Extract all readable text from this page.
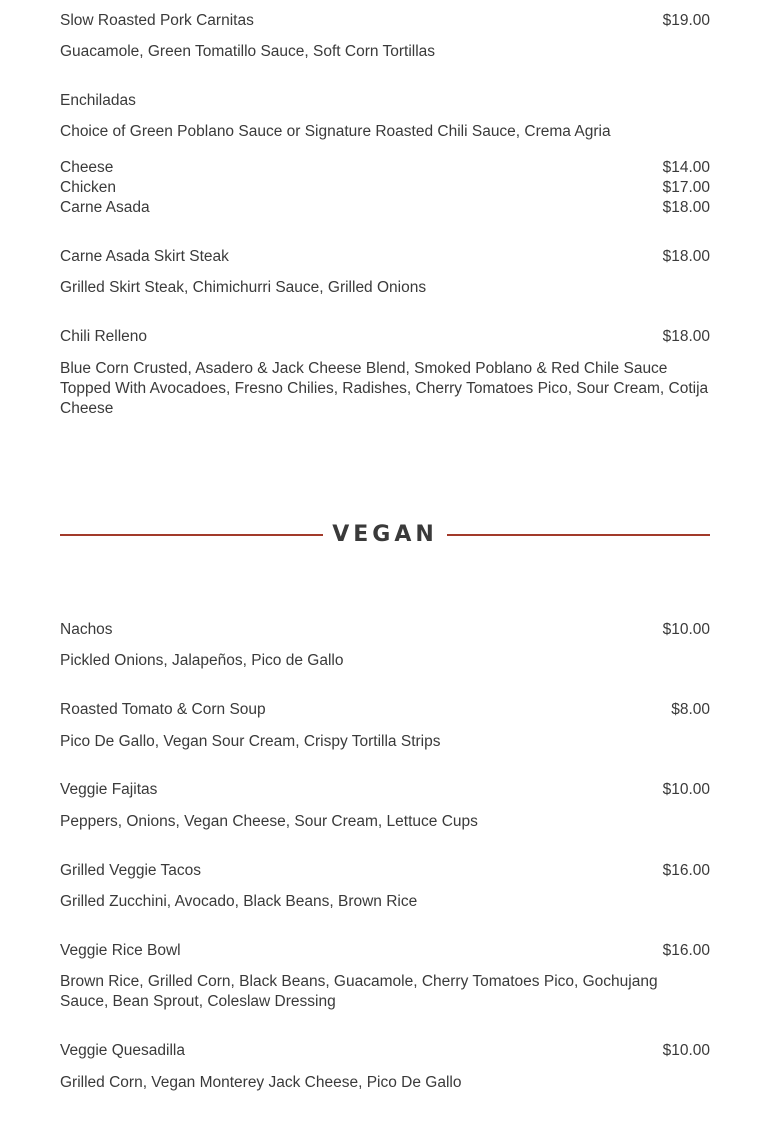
Slow Roasted Pork Carnitas	$19.00
Guacamole, Green Tomatillo Sauce, Soft Corn Tortillas
Enchiladas
Choice of Green Poblano Sauce or Signature Roasted Chili Sauce, Crema Agria
Cheese	$14.00
Chicken	$17.00
Carne Asada	$18.00
Carne Asada Skirt Steak	$18.00
Grilled Skirt Steak, Chimichurri Sauce, Grilled Onions
Chili Relleno	$18.00
Blue Corn Crusted, Asadero & Jack Cheese Blend, Smoked Poblano & Red Chile Sauce Topped With Avocadoes, Fresno Chilies, Radishes, Cherry Tomatoes Pico, Sour Cream, Cotija Cheese
VEGAN
Nachos	$10.00
Pickled Onions, Jalapeños, Pico de Gallo
Roasted Tomato & Corn Soup	$8.00
Pico De Gallo, Vegan Sour Cream, Crispy Tortilla Strips
Veggie Fajitas	$10.00
Peppers, Onions, Vegan Cheese, Sour Cream, Lettuce Cups
Grilled Veggie Tacos	$16.00
Grilled Zucchini, Avocado, Black Beans, Brown Rice
Veggie Rice Bowl	$16.00
Brown Rice, Grilled Corn, Black Beans, Guacamole, Cherry Tomatoes Pico, Gochujang Sauce, Bean Sprout, Coleslaw Dressing
Veggie Quesadilla	$10.00
Grilled Corn, Vegan Monterey Jack Cheese, Pico De Gallo
